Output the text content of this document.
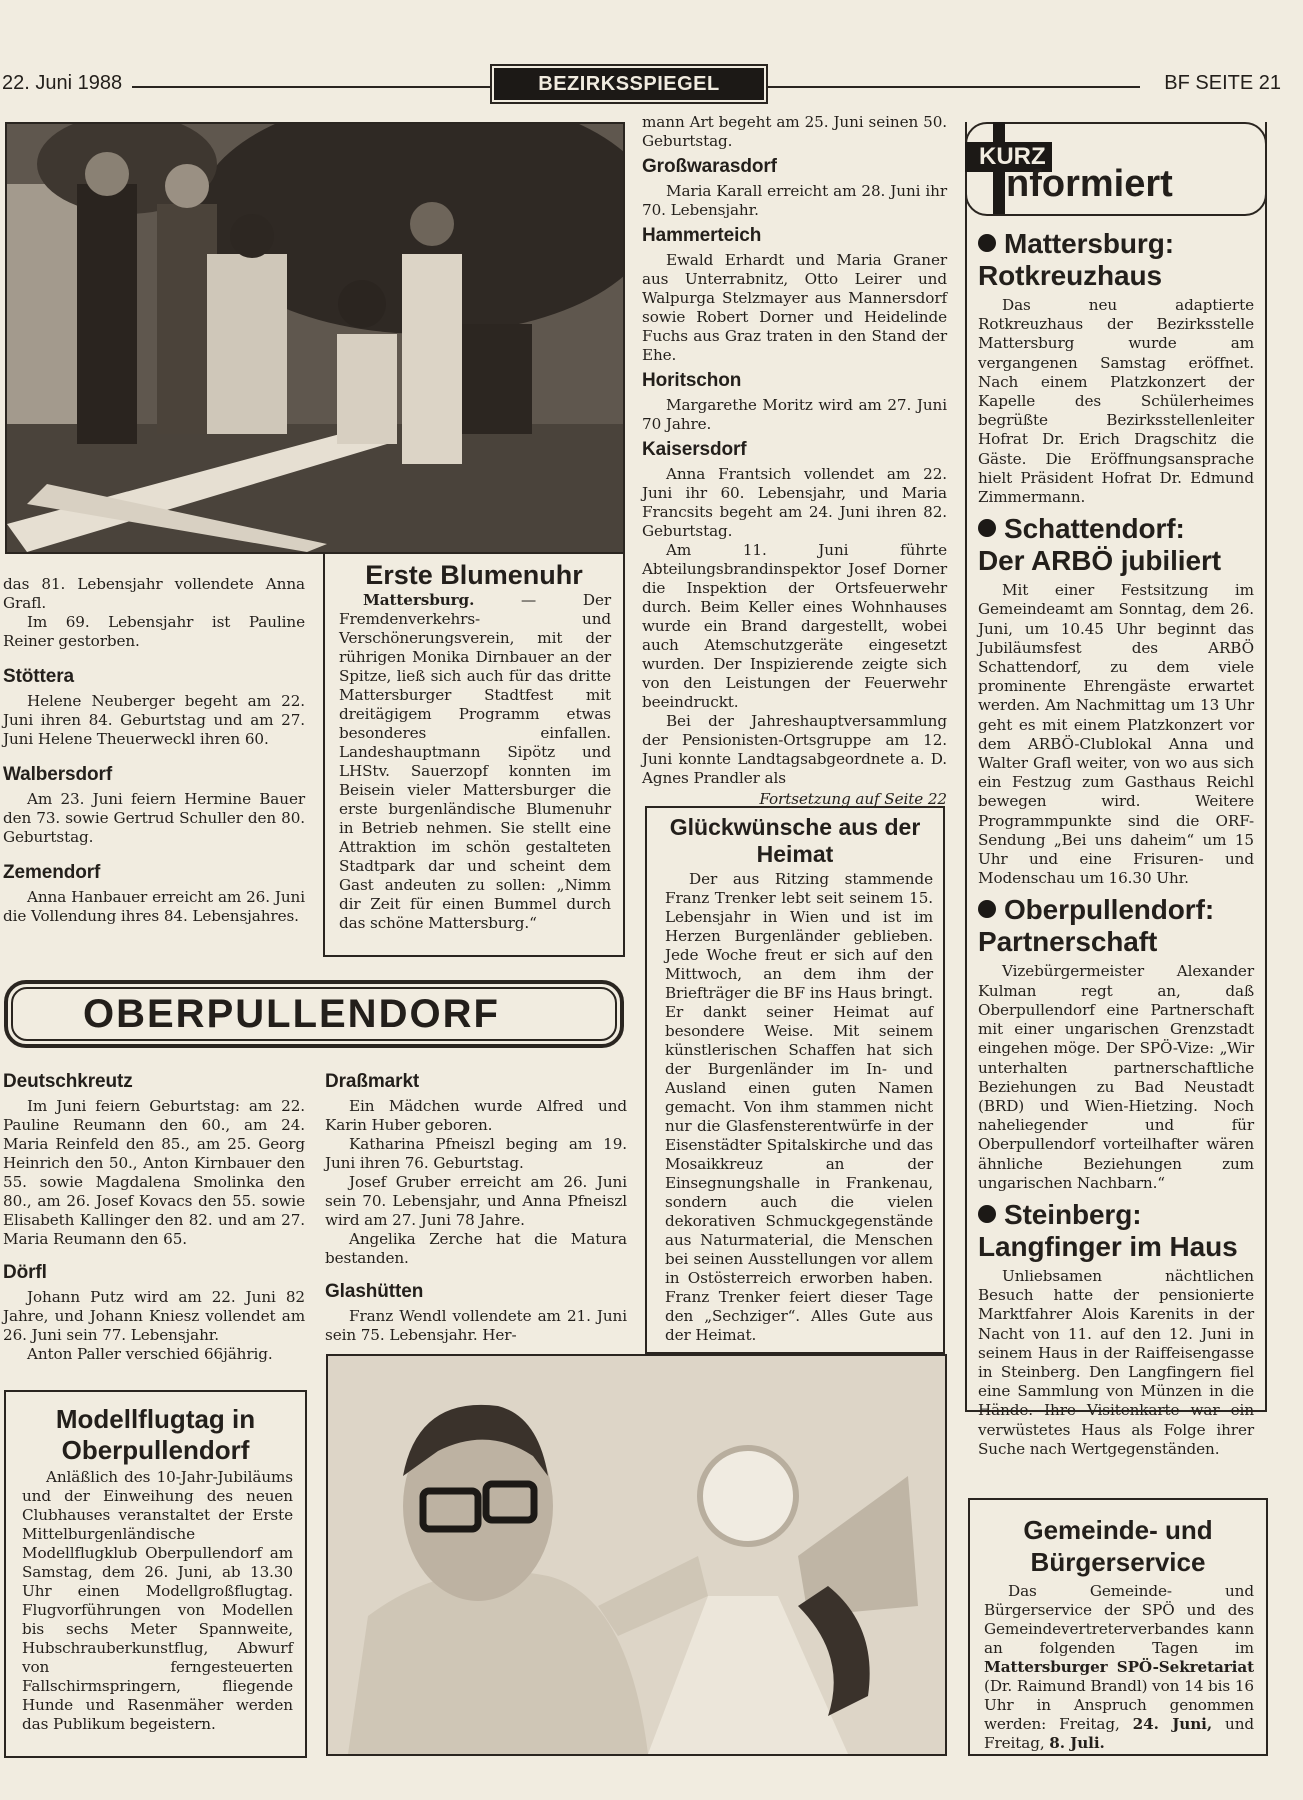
22. Juni 1988	BEZIRKSSPIEGEL	BF SEITE 21

das 81. Lebensjahr vollendete Anna Grafl.

Im 69. Lebensjahr ist Pauline Reiner gestorben.

Stöttera

Helene Neuberger begeht am 22. Juni ihren 84. Geburtstag und am 27. Juni Helene Theuerweckl ihren 60.

Walbersdorf

Am 23. Juni feiern Hermine Bauer den 73. sowie Gertrud Schuller den 80. Geburtstag.

Zemendorf

Anna Hanbauer erreicht am 26. Juni die Vollendung ihres 84. Lebensjahres.

Erste Blumenuhr

Mattersburg. — Der Fremdenverkehrs- und Verschönerungsverein, mit der rührigen Monika Dirnbauer an der Spitze, ließ sich auch für das dritte Mattersburger Stadtfest mit dreitägigem Programm etwas besonderes einfallen. Landeshauptmann Sipötz und LHStv. Sauerzopf konnten im Beisein vieler Mattersburger die erste burgenländische Blumenuhr in Betrieb nehmen. Sie stellt eine Attraktion im schön gestalteten Stadtpark dar und scheint dem Gast andeuten zu sollen: „Nimm dir Zeit für einen Bummel durch das schöne Mattersburg.“

mann Art begeht am 25. Juni seinen 50. Geburtstag.

Großwarasdorf

Maria Karall erreicht am 28. Juni ihr 70. Lebensjahr.

Hammerteich

Ewald Erhardt und Maria Graner aus Unterrabnitz, Otto Leirer und Walpurga Stelzmayer aus Mannersdorf sowie Robert Dorner und Heidelinde Fuchs aus Graz traten in den Stand der Ehe.

Horitschon

Margarethe Moritz wird am 27. Juni 70 Jahre.

Kaisersdorf

Anna Frantsich vollendet am 22. Juni ihr 60. Lebensjahr, und Maria Francsits begeht am 24. Juni ihren 82. Geburtstag.

Am 11. Juni führte Abteilungsbrandinspektor Josef Dorner die Inspektion der Ortsfeuerwehr durch. Beim Keller eines Wohnhauses wurde ein Brand dargestellt, wobei auch Atemschutzgeräte eingesetzt wurden. Der Inspizierende zeigte sich von den Leistungen der Feuerwehr beeindruckt.

Bei der Jahreshauptversammlung der Pensionisten-Ortsgruppe am 12. Juni konnte Landtagsabgeordnete a. D. Agnes Prandler als

Fortsetzung auf Seite 22
Glückwünsche aus der Heimat

Der aus Ritzing stammende Franz Trenker lebt seit seinem 15. Lebensjahr in Wien und ist im Herzen Burgenländer geblieben. Jede Woche freut er sich auf den Mittwoch, an dem ihm der Briefträger die BF ins Haus bringt. Er dankt seiner Heimat auf besondere Weise. Mit seinem künstlerischen Schaffen hat sich der Burgenländer im In- und Ausland einen guten Namen gemacht. Von ihm stammen nicht nur die Glasfensterentwürfe in der Eisenstädter Spitalskirche und das Mosaikkreuz an der Einsegnungshalle in Frankenau, sondern auch die vielen dekorativen Schmuckgegenstände aus Naturmaterial, die Menschen bei seinen Ausstellungen vor allem in Ostösterreich erworben haben. Franz Trenker feiert dieser Tage den „Sechziger“. Alles Gute aus der Heimat.

OBERPULLENDORF
Deutschkreutz

Im Juni feiern Geburtstag: am 22. Pauline Reumann den 60., am 24. Maria Reinfeld den 85., am 25. Georg Heinrich den 50., Anton Kirnbauer den 55. sowie Magdalena Smolinka den 80., am 26. Josef Kovacs den 55. sowie Elisabeth Kallinger den 82. und am 27. Maria Reumann den 65.

Dörfl

Johann Putz wird am 22. Juni 82 Jahre, und Johann Kniesz vollendet am 26. Juni sein 77. Lebensjahr.

Anton Paller verschied 66jährig.

Draßmarkt

Ein Mädchen wurde Alfred und Karin Huber geboren.

Katharina Pfneiszl beging am 19. Juni ihren 76. Geburtstag.

Josef Gruber erreicht am 26. Juni sein 70. Lebensjahr, und Anna Pfneiszl wird am 27. Juni 78 Jahre.

Angelika Zerche hat die Matura bestanden.

Glashütten

Franz Wendl vollendete am 21. Juni sein 75. Lebensjahr. Her-

Modellflugtag in Oberpullendorf

Anläßlich des 10-Jahr-Jubiläums und der Einweihung des neuen Clubhauses veranstaltet der Erste Mittelburgenländische Modellflugklub Oberpullendorf am Samstag, dem 26. Juni, ab 13.30 Uhr einen Modellgroßflugtag. Flugvorführungen von Modellen bis sechs Meter Spannweite, Hubschrauberkunstflug, Abwurf von ferngesteuerten Fallschirmspringern, fliegende Hunde und Rasenmäher werden das Publikum begeistern.

KURZ
nformiert
Mattersburg:
Rotkreuzhaus

Das neu adaptierte Rotkreuzhaus der Bezirksstelle Mattersburg wurde am vergangenen Samstag eröffnet. Nach einem Platzkonzert der Kapelle des Schülerheimes begrüßte Bezirksstellenleiter Hofrat Dr. Erich Dragschitz die Gäste. Die Eröffnungsansprache hielt Präsident Hofrat Dr. Edmund Zimmermann.

Schattendorf:
Der ARBÖ jubiliert

Mit einer Festsitzung im Gemeindeamt am Sonntag, dem 26. Juni, um 10.45 Uhr beginnt das Jubiläumsfest des ARBÖ Schattendorf, zu dem viele prominente Ehrengäste erwartet werden. Am Nachmittag um 13 Uhr geht es mit einem Platzkonzert vor dem ARBÖ-Clublokal Anna und Walter Grafl weiter, von wo aus sich ein Festzug zum Gasthaus Reichl bewegen wird. Weitere Programmpunkte sind die ORF-Sendung „Bei uns daheim“ um 15 Uhr und eine Frisuren- und Modenschau um 16.30 Uhr.

Oberpullendorf:
Partnerschaft

Vizebürgermeister Alexander Kulman regt an, daß Oberpullendorf eine Partnerschaft mit einer ungarischen Grenzstadt eingehen möge. Der SPÖ-Vize: „Wir unterhalten partnerschaftliche Beziehungen zu Bad Neustadt (BRD) und Wien-Hietzing. Noch naheliegender und für Oberpullendorf vorteilhafter wären ähnliche Beziehungen zum ungarischen Nachbarn.“

Steinberg:
Langfinger im Haus

Unliebsamen nächtlichen Besuch hatte der pensionierte Marktfahrer Alois Karenits in der Nacht von 11. auf den 12. Juni in seinem Haus in der Raiffeisengasse in Steinberg. Den Langfingern fiel eine Sammlung von Münzen in die Hände. Ihre Visitenkarte war ein verwüstetes Haus als Folge ihrer Suche nach Wertgegenständen.

Gemeinde- und Bürgerservice

Das Gemeinde- und Bürgerservice der SPÖ und des Gemeindevertreterverbandes kann an folgenden Tagen im Mattersburger SPÖ-Sekretariat (Dr. Raimund Brandl) von 14 bis 16 Uhr in Anspruch genommen werden: Freitag, 24. Juni, und Freitag, 8. Juli.
